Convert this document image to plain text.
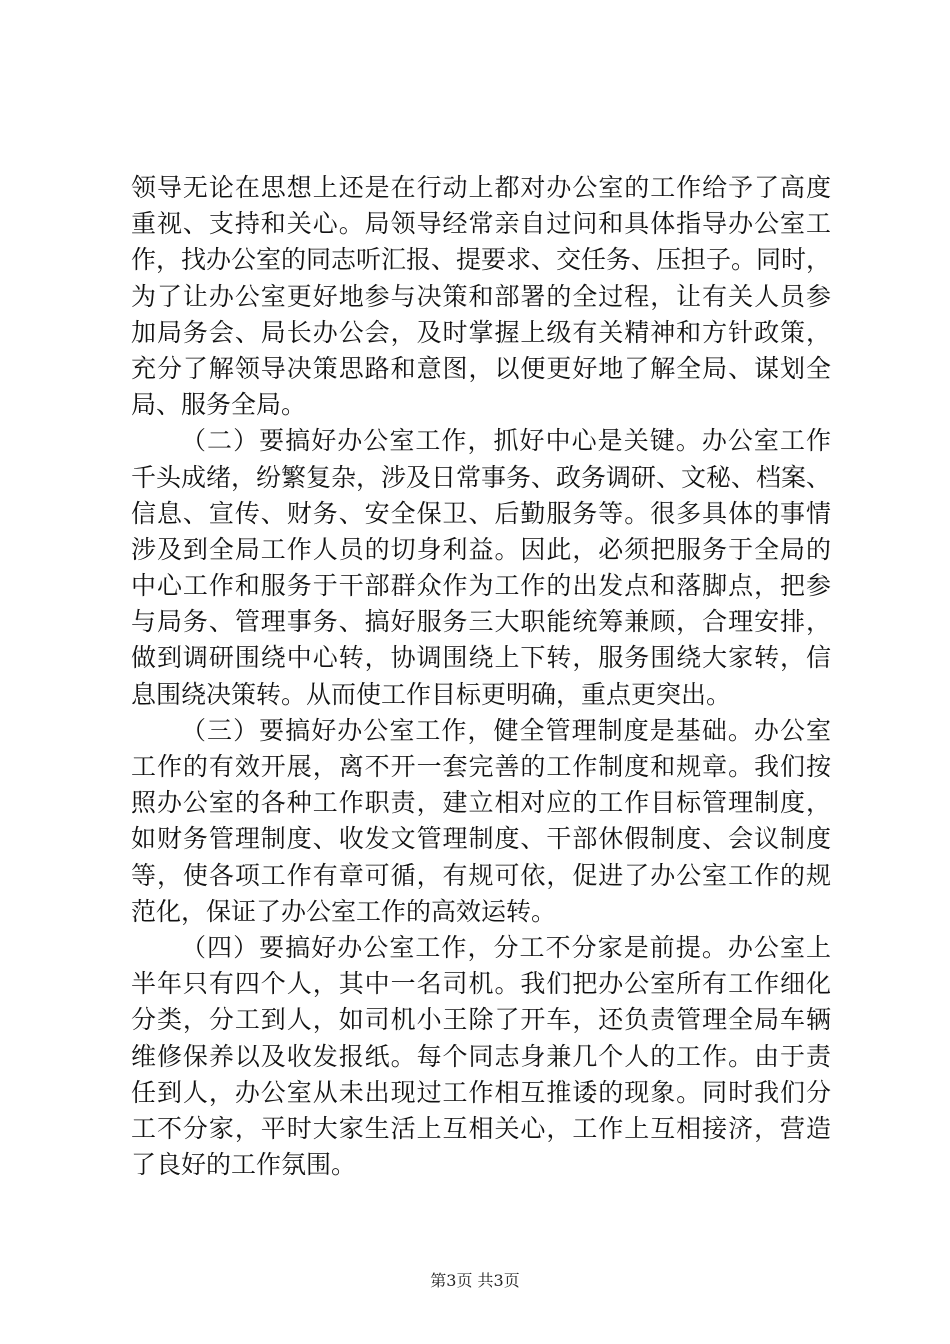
领导无论在思想上还是在行动上都对办公室的工作给予了高度
重视、支持和关心。局领导经常亲自过问和具体指导办公室工
作，找办公室的同志听汇报、提要求、交任务、压担子。同时，
为了让办公室更好地参与决策和部署的全过程，让有关人员参
加局务会、局长办公会，及时掌握上级有关精神和方针政策，
充分了解领导决策思路和意图，以便更好地了解全局、谋划全
局、服务全局。
（二）要搞好办公室工作，抓好中心是关键。办公室工作
千头成绪，纷繁复杂，涉及日常事务、政务调研、文秘、档案、
信息、宣传、财务、安全保卫、后勤服务等。很多具体的事情
涉及到全局工作人员的切身利益。因此，必须把服务于全局的
中心工作和服务于干部群众作为工作的出发点和落脚点，把参
与局务、管理事务、搞好服务三大职能统筹兼顾，合理安排，
做到调研围绕中心转，协调围绕上下转，服务围绕大家转，信
息围绕决策转。从而使工作目标更明确，重点更突出。
（三）要搞好办公室工作，健全管理制度是基础。办公室
工作的有效开展，离不开一套完善的工作制度和规章。我们按
照办公室的各种工作职责，建立相对应的工作目标管理制度，
如财务管理制度、收发文管理制度、干部休假制度、会议制度
等，使各项工作有章可循，有规可依，促进了办公室工作的规
范化，保证了办公室工作的高效运转。
（四）要搞好办公室工作，分工不分家是前提。办公室上
半年只有四个人，其中一名司机。我们把办公室所有工作细化
分类，分工到人，如司机小王除了开车，还负责管理全局车辆
维修保养以及收发报纸。每个同志身兼几个人的工作。由于责
任到人，办公室从未出现过工作相互推诿的现象。同时我们分
工不分家，平时大家生活上互相关心，工作上互相接济，营造
了良好的工作氛围。
第3页 共3页
